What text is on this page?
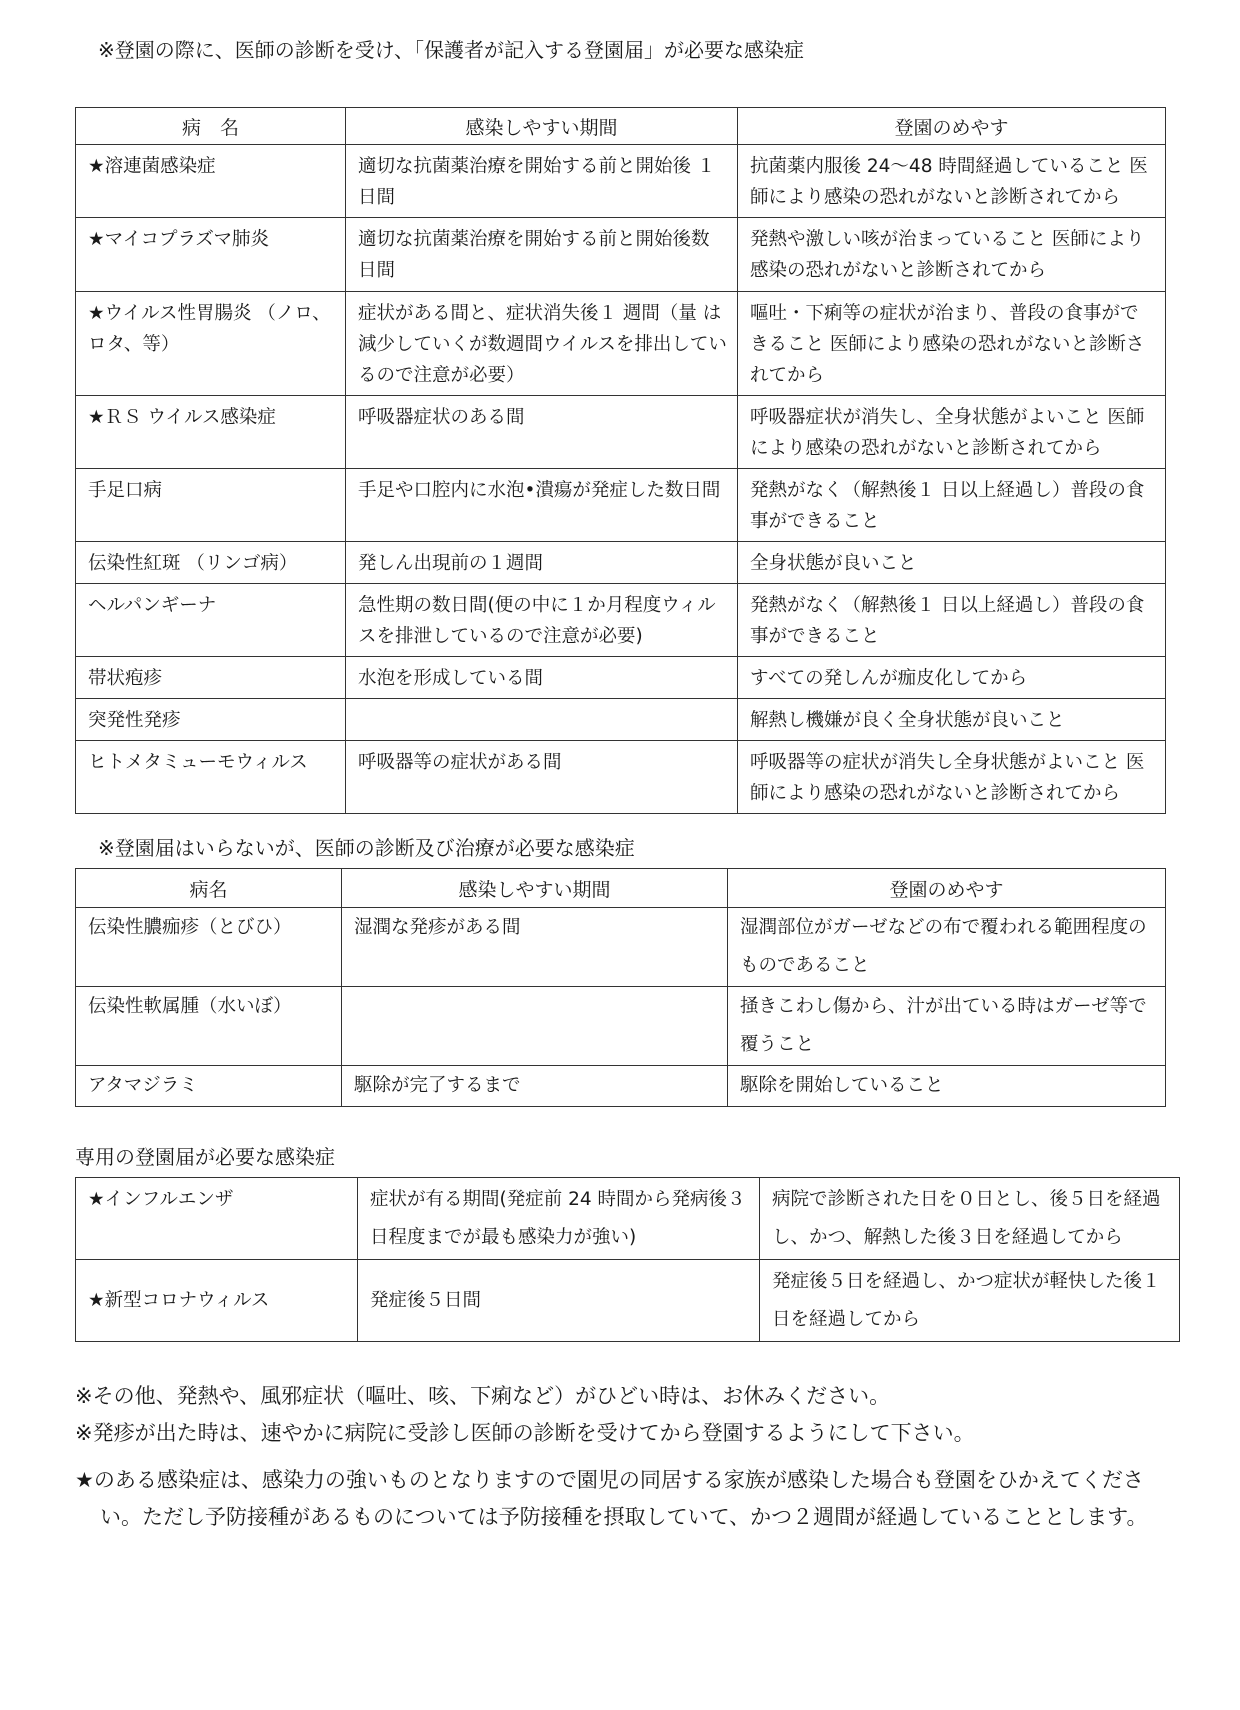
※登園の際に、医師の診断を受け、「保護者が記入する登園届」が必要な感染症
病　名	感染しやすい期間	登園のめやす
★溶連菌感染症	適切な抗菌薬治療を開始する前と開始後 １日間	抗菌薬内服後 24～48 時間経過していること 医師により感染の恐れがないと診断されてから
★マイコプラズマ肺炎	適切な抗菌薬治療を開始する前と開始後数日間	発熱や激しい咳が治まっていること 医師により感染の恐れがないと診断されてから
★ウイルス性胃腸炎 （ノロ、ロタ、等）	症状がある間と、症状消失後１ 週間（量 は減少していくが数週間ウイルスを排出しているので注意が必要）	嘔吐・下痢等の症状が治まり、普段の食事ができること 医師により感染の恐れがないと診断されてから
★ＲＳ ウイルス感染症	呼吸器症状のある間	呼吸器症状が消失し、全身状態がよいこと 医師により感染の恐れがないと診断されてから
手足口病	手足や口腔内に水泡•潰瘍が発症した数日間	発熱がなく（解熱後１ 日以上経過し）普段の食事ができること
伝染性紅斑 （リンゴ病）	発しん出現前の１週間	全身状態が良いこと
ヘルパンギーナ	急性期の数日間(便の中に１か月程度ウィルスを排泄しているので注意が必要)	発熱がなく（解熱後１ 日以上経過し）普段の食事ができること
帯状疱疹	水泡を形成している間	すべての発しんが痂皮化してから
突発性発疹		解熱し機嫌が良く全身状態が良いこと
ヒトメタミューモウィルス	呼吸器等の症状がある間	呼吸器等の症状が消失し全身状態がよいこと 医師により感染の恐れがないと診断されてから
※登園届はいらないが、医師の診断及び治療が必要な感染症
病名	感染しやすい期間	登園のめやす
伝染性膿痂疹（とびひ）	湿潤な発疹がある間	湿潤部位がガーゼなどの布で覆われる範囲程度のものであること
伝染性軟属腫（水いぼ）		掻きこわし傷から、汁が出ている時はガーゼ等で覆うこと
アタマジラミ	駆除が完了するまで	駆除を開始していること
専用の登園届が必要な感染症
★インフルエンザ	症状が有る期間(発症前 24 時間から発病後３日程度までが最も感染力が強い)	病院で診断された日を０日とし、後５日を経過し、かつ、解熱した後３日を経過してから
★新型コロナウィルス	発症後５日間	発症後５日を経過し、かつ症状が軽快した後１日を経過してから
※その他、発熱や、風邪症状（嘔吐、咳、下痢など）がひどい時は、お休みください。
※発疹が出た時は、速やかに病院に受診し医師の診断を受けてから登園するようにして下さい。
★のある感染症は、感染力の強いものとなりますので園児の同居する家族が感染した場合も登園をひかえてください。ただし予防接種があるものについては予防接種を摂取していて、かつ２週間が経過していることとします。
